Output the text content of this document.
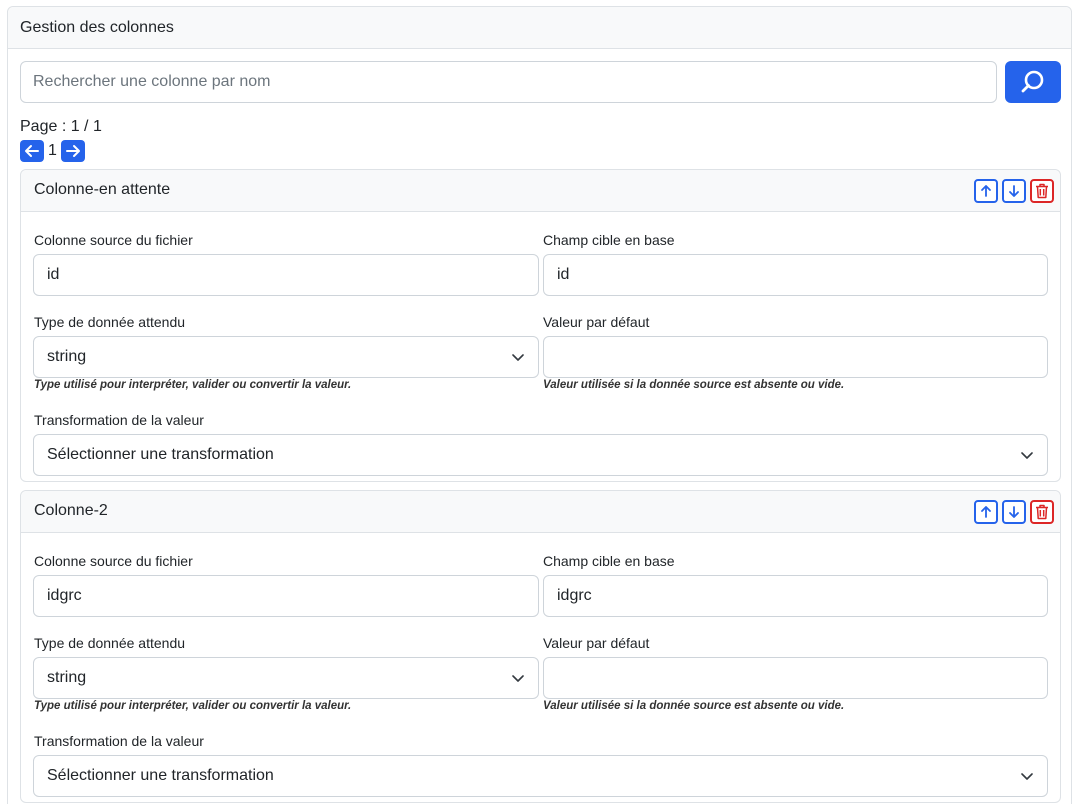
Gestion des colonnes
Rechercher une colonne par nom
Page : 1 / 1
1
Colonne-en attente
Colonne source du fichier
id
Champ cible en base
id
Type de donnée attendu
string
Valeur par défaut
Type utilisé pour interpréter, valider ou convertir la valeur.	Valeur utilisée si la donnée source est absente ou vide.
Transformation de la valeur
Sélectionner une transformation
Colonne-2
Colonne source du fichier
idgrc
Champ cible en base
idgrc
Type de donnée attendu
string
Valeur par défaut
Type utilisé pour interpréter, valider ou convertir la valeur.	Valeur utilisée si la donnée source est absente ou vide.
Transformation de la valeur
Sélectionner une transformation
